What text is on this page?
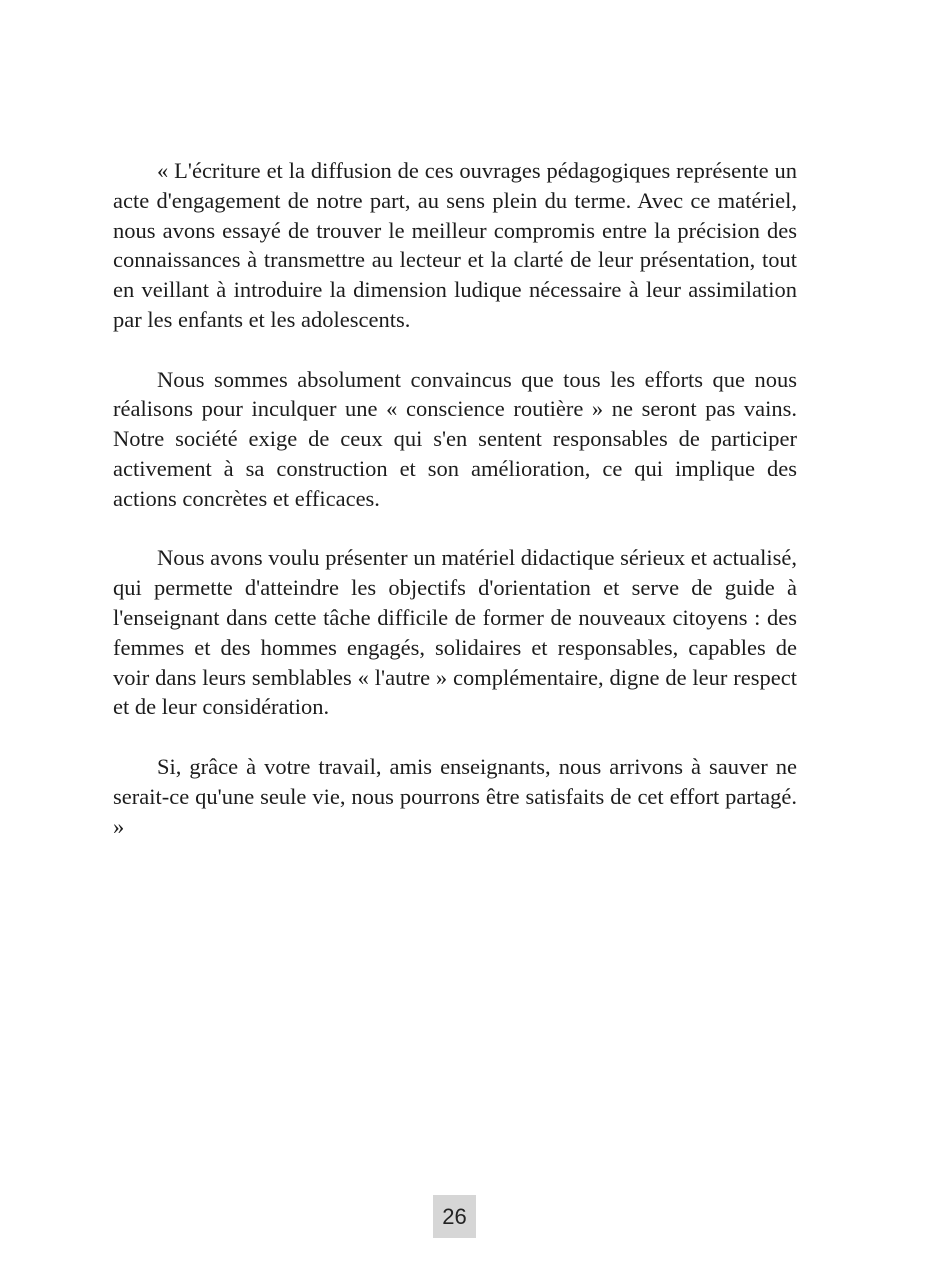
« L'écriture et la diffusion de ces ouvrages pédagogiques représente un acte d'engagement de notre part, au sens plein du terme. Avec ce matériel, nous avons essayé de trouver le meilleur compromis entre la précision des connaissances à transmettre au lecteur et la clarté de leur présentation, tout en veillant à introduire la dimension ludique nécessaire à leur assimilation par les enfants et les adolescents.

Nous sommes absolument convaincus que tous les efforts que nous réalisons pour inculquer une « conscience routière » ne seront pas vains. Notre société exige de ceux qui s'en sentent responsables de participer activement à sa construction et son amélioration, ce qui implique des actions concrètes et efficaces.

Nous avons voulu présenter un matériel didactique sérieux et actualisé, qui permette d'atteindre les objectifs d'orientation et serve de guide à l'enseignant dans cette tâche difficile de former de nouveaux citoyens : des femmes et des hommes engagés, solidaires et responsables, capables de voir dans leurs semblables « l'autre » complémentaire, digne de leur respect et de leur considération.

Si, grâce à votre travail, amis enseignants, nous arrivons à sauver ne serait-ce qu'une seule vie, nous pourrons être satisfaits de cet effort partagé. »

26
